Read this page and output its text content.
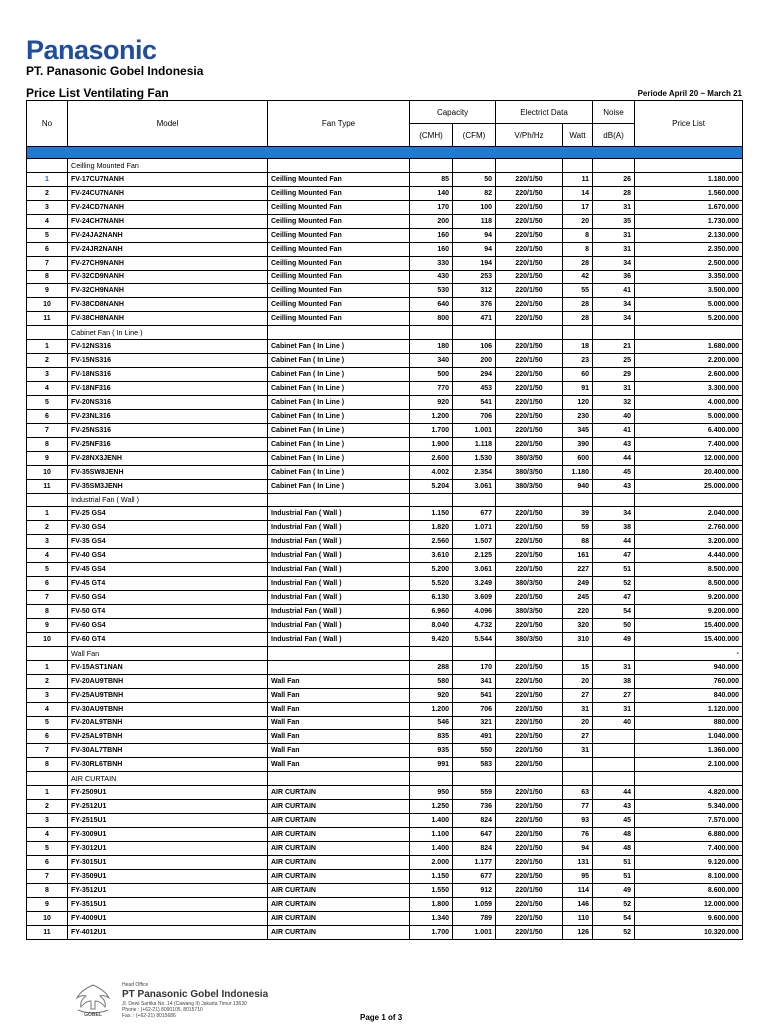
Panasonic
PT. Panasonic Gobel Indonesia
Price List Ventilating Fan	Periode April 20 ~ March 21
No	Model	Fan Type	Capacity		Electrict Data		Noise	Price List
			(CMH)	(CFM)	V/Ph/Hz	Watt	dB(A)	

	Ceilling Mounted Fan							
1	FV-17CU7NANH	Ceilling Mounted Fan	85	50	220/1/50	11	26	1.180.000
2	FV-24CU7NANH	Ceilling Mounted Fan	140	82	220/1/50	14	28	1.560.000
3	FV-24CD7NANH	Ceilling Mounted Fan	170	100	220/1/50	17	31	1.670.000
4	FV-24CH7NANH	Ceilling Mounted Fan	200	118	220/1/50	20	35	1.730.000
5	FV-24JA2NANH	Ceilling Mounted Fan	160	94	220/1/50	8	31	2.130.000
6	FV-24JR2NANH	Ceilling Mounted Fan	160	94	220/1/50	8	31	2.350.000
7	FV-27CH9NANH	Ceilling Mounted Fan	330	194	220/1/50	28	34	2.500.000
8	FV-32CD9NANH	Ceilling Mounted Fan	430	253	220/1/50	42	36	3.350.000
9	FV-32CH9NANH	Ceilling Mounted Fan	530	312	220/1/50	55	41	3.500.000
10	FV-38CD8NANH	Ceilling Mounted Fan	640	376	220/1/50	28	34	5.000.000
11	FV-38CH8NANH	Ceilling Mounted Fan	800	471	220/1/50	28	34	5.200.000
	Cabinet Fan ( In Line )							
1	FV-12NS316	Cabinet Fan ( In Line )	180	106	220/1/50	18	21	1.680.000
2	FV-15NS316	Cabinet Fan ( In Line )	340	200	220/1/50	23	25	2.200.000
3	FV-18NS316	Cabinet Fan ( In Line )	500	294	220/1/50	60	29	2.600.000
4	FV-18NF316	Cabinet Fan ( In Line )	770	453	220/1/50	91	31	3.300.000
5	FV-20NS316	Cabinet Fan ( In Line )	920	541	220/1/50	120	32	4.000.000
6	FV-23NL316	Cabinet Fan ( In Line )	1.200	706	220/1/50	230	40	5.000.000
7	FV-25NS316	Cabinet Fan ( In Line )	1.700	1.001	220/1/50	345	41	6.400.000
8	FV-25NF316	Cabinet Fan ( In Line )	1.900	1.118	220/1/50	390	43	7.400.000
9	FV-28NX3JENH	Cabinet Fan ( In Line )	2.600	1.530	380/3/50	600	44	12.000.000
10	FV-35SW8JENH	Cabinet Fan ( In Line )	4.002	2.354	380/3/50	1.180	45	20.400.000
11	FV-35SM3JENH	Cabinet Fan ( In Line )	5.204	3.061	380/3/50	940	43	25.000.000
	Industrial Fan ( Wall )							
1	FV-25 GS4	Industrial Fan ( Wall )	1.150	677	220/1/50	39	34	2.040.000
2	FV-30 GS4	Industrial Fan ( Wall )	1.820	1.071	220/1/50	59	38	2.760.000
3	FV-35 GS4	Industrial Fan ( Wall )	2.560	1.507	220/1/50	88	44	3.200.000
4	FV-40 GS4	Industrial Fan ( Wall )	3.610	2.125	220/1/50	161	47	4.440.000
5	FV-45 GS4	Industrial Fan ( Wall )	5.200	3.061	220/1/50	227	51	8.500.000
6	FV-45 GT4	Industrial Fan ( Wall )	5.520	3.249	380/3/50	249	52	8.500.000
7	FV-50 GS4	Industrial Fan ( Wall )	6.130	3.609	220/1/50	245	47	9.200.000
8	FV-50 GT4	Industrial Fan ( Wall )	6.960	4.096	380/3/50	220	54	9.200.000
9	FV-60 GS4	Industrial Fan ( Wall )	8.040	4.732	220/1/50	320	50	15.400.000
10	FV-60 GT4	Industrial Fan ( Wall )	9.420	5.544	380/3/50	310	49	15.400.000
	Wall Fan							-
1	FV-15AST1NAN		288	170	220/1/50	15	31	940.000
2	FV-20AU9TBNH	Wall Fan	580	341	220/1/50	20	38	760.000
3	FV-25AU9TBNH	Wall Fan	920	541	220/1/50	27	27	840.000
4	FV-30AU9TBNH	Wall Fan	1.200	706	220/1/50	31	31	1.120.000
5	FV-20AL9TBNH	Wall Fan	546	321	220/1/50	20	40	880.000
6	FV-25AL9TBNH	Wall Fan	835	491	220/1/50	27		1.040.000
7	FV-30AL7TBNH	Wall Fan	935	550	220/1/50	31		1.360.000
8	FV-30RL6TBNH	Wall Fan	991	583	220/1/50			2.100.000
	AIR CURTAIN							
1	FY-2509U1	AIR CURTAIN	950	559	220/1/50	63	44	4.820.000
2	FY-2512U1	AIR CURTAIN	1.250	736	220/1/50	77	43	5.340.000
3	FY-2515U1	AIR CURTAIN	1.400	824	220/1/50	93	45	7.570.000
4	FY-3009U1	AIR CURTAIN	1.100	647	220/1/50	76	48	6.880.000
5	FY-3012U1	AIR CURTAIN	1.400	824	220/1/50	94	48	7.400.000
6	FY-3015U1	AIR CURTAIN	2.000	1.177	220/1/50	131	51	9.120.000
7	FY-3509U1	AIR CURTAIN	1.150	677	220/1/50	95	51	8.100.000
8	FY-3512U1	AIR CURTAIN	1.550	912	220/1/50	114	49	8.600.000
9	FY-3515U1	AIR CURTAIN	1.800	1.059	220/1/50	146	52	12.000.000
10	FY-4009U1	AIR CURTAIN	1.340	789	220/1/50	110	54	9.600.000
11	FY-4012U1	AIR CURTAIN	1.700	1.001	220/1/50	126	52	10.320.000
GOBEL
Head Office
PT Panasonic Gobel Indonesia
Jl. Dewi Sartika No. 14 (Cawang II) Jakarta Timur 13630
Phone : (+62-21) 8090105, 8015710
Fax. : (+62-21) 8015686	Page 1 of 3
